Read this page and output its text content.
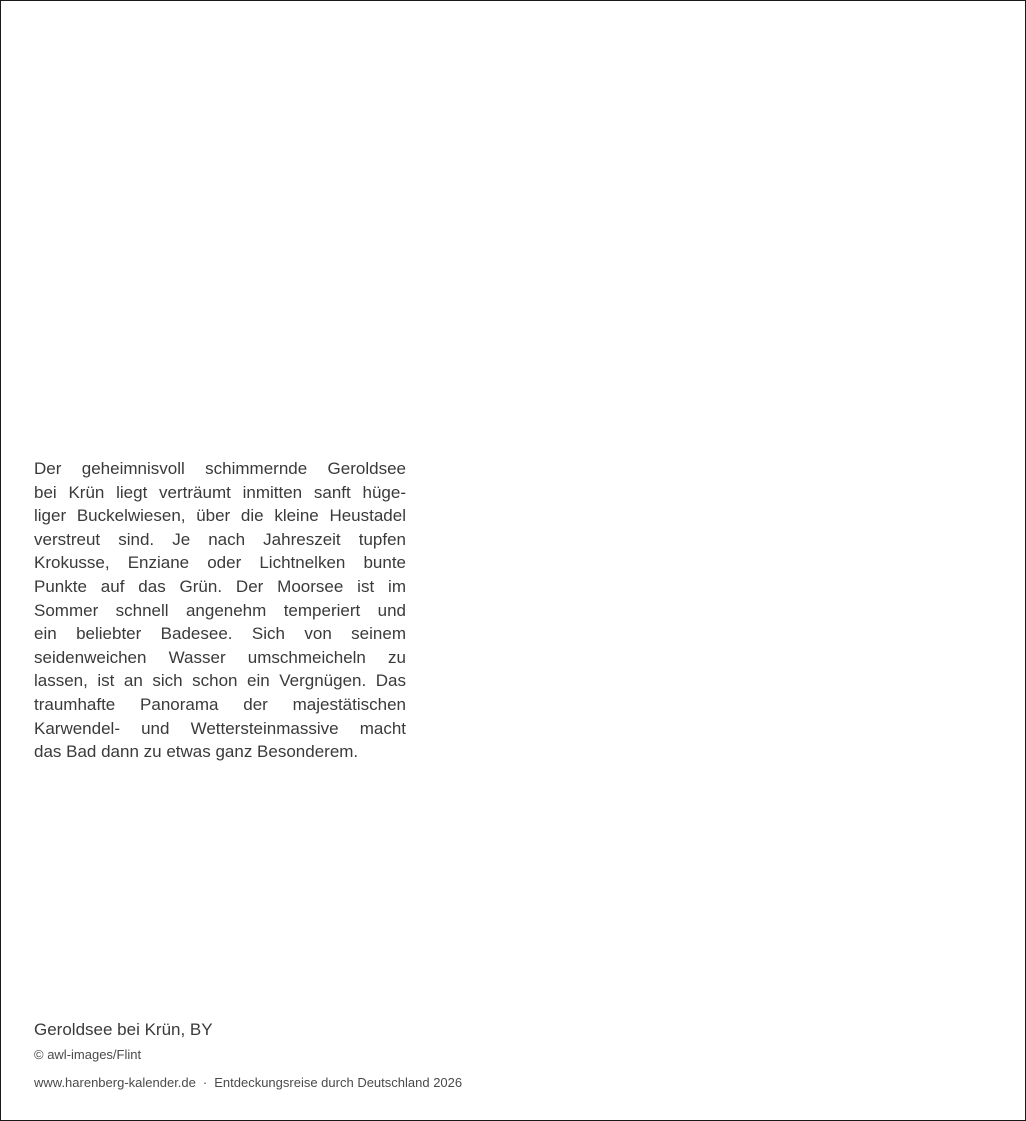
Der geheimnisvoll schimmernde Geroldsee
bei Krün liegt verträumt inmitten sanft hüge-
liger Buckelwiesen, über die kleine Heustadel
verstreut sind. Je nach Jahreszeit tupfen
Krokusse, Enziane oder Lichtnelken bunte
Punkte auf das Grün. Der Moorsee ist im
Sommer schnell angenehm temperiert und
ein beliebter Badesee. Sich von seinem
seidenweichen Wasser umschmeicheln zu
lassen, ist an sich schon ein Vergnügen. Das
traumhafte Panorama der majestätischen
Karwendel- und Wettersteinmassive macht
das Bad dann zu etwas ganz Besonderem.

Geroldsee bei Krün, BY

© awl-images/Flint

www.harenberg-kalender.de · Entdeckungsreise durch Deutschland 2026
